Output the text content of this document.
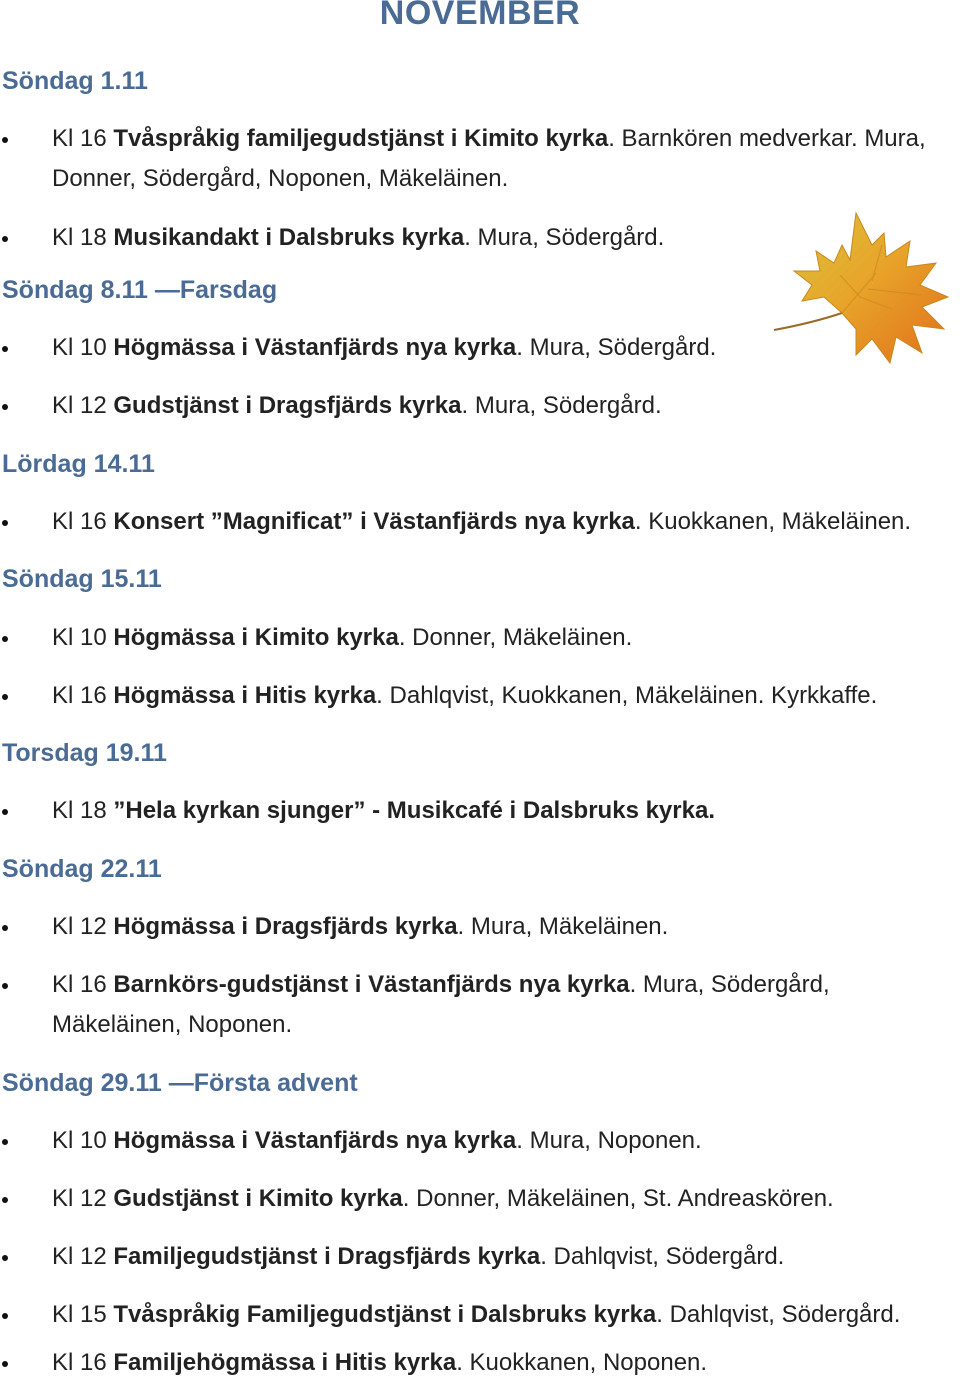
NOVEMBER
Söndag 1.11
Kl 16 Tvåspråkig familjegudstjänst i Kimito kyrka. Barnkören medverkar. Mura, Donner, Södergård, Noponen, Mäkeläinen.
Kl 18 Musikandakt i Dalsbruks kyrka. Mura, Södergård.
Söndag 8.11 —Farsdag
Kl 10 Högmässa i Västanfjärds nya kyrka. Mura, Södergård.
Kl 12 Gudstjänst i Dragsfjärds kyrka. Mura, Södergård.
Lördag 14.11
Kl 16 Konsert ”Magnificat” i Västanfjärds nya kyrka. Kuokkanen, Mäkeläinen.
Söndag 15.11
Kl 10 Högmässa i Kimito kyrka. Donner, Mäkeläinen.
Kl 16 Högmässa i Hitis kyrka. Dahlqvist, Kuokkanen, Mäkeläinen. Kyrkkaffe.
Torsdag 19.11
Kl 18 ”Hela kyrkan sjunger” - Musikcafé i Dalsbruks kyrka.
Söndag 22.11
Kl 12 Högmässa i Dragsfjärds kyrka. Mura, Mäkeläinen.
Kl 16 Barnkörs-gudstjänst i Västanfjärds nya kyrka. Mura, Södergård, Mäkeläinen, Noponen.
Söndag 29.11 —Första advent
Kl 10 Högmässa i Västanfjärds nya kyrka. Mura, Noponen.
Kl 12 Gudstjänst i Kimito kyrka. Donner, Mäkeläinen, St. Andreaskören.
Kl 12 Familjegudstjänst i Dragsfjärds kyrka. Dahlqvist, Södergård.
Kl 15 Tvåspråkig Familjegudstjänst i Dalsbruks kyrka. Dahlqvist, Södergård.
Kl 16 Familjehögmässa i Hitis kyrka. Kuokkanen, Noponen.
